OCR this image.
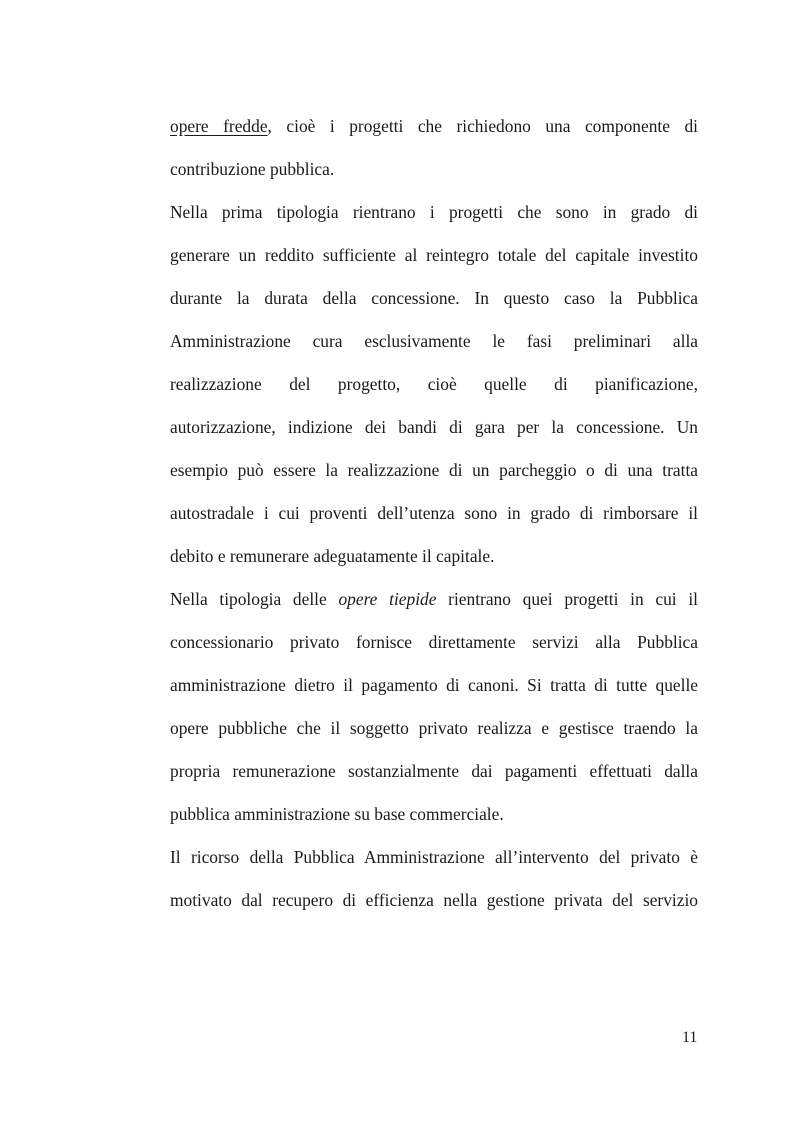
opere fredde, cioè i progetti che richiedono una componente di
contribuzione pubblica.
Nella prima tipologia rientrano i progetti che sono in grado di
generare un reddito sufficiente al reintegro totale del capitale investito
durante la durata della concessione. In questo caso la Pubblica
Amministrazione cura esclusivamente le fasi preliminari alla
realizzazione del progetto, cioè quelle di pianificazione,
autorizzazione, indizione dei bandi di gara per la concessione. Un
esempio può essere la realizzazione di un parcheggio o di una tratta
autostradale i cui proventi dell’utenza sono in grado di rimborsare il
debito e remunerare adeguatamente il capitale.
Nella tipologia delle opere tiepide rientrano quei progetti in cui il
concessionario privato fornisce direttamente servizi alla Pubblica
amministrazione dietro il pagamento di canoni. Si tratta di tutte quelle
opere pubbliche che il soggetto privato realizza e gestisce traendo la
propria remunerazione sostanzialmente dai pagamenti effettuati dalla
pubblica amministrazione su base commerciale.
Il ricorso della Pubblica Amministrazione all’intervento del privato è
motivato dal recupero di efficienza nella gestione privata del servizio
11
